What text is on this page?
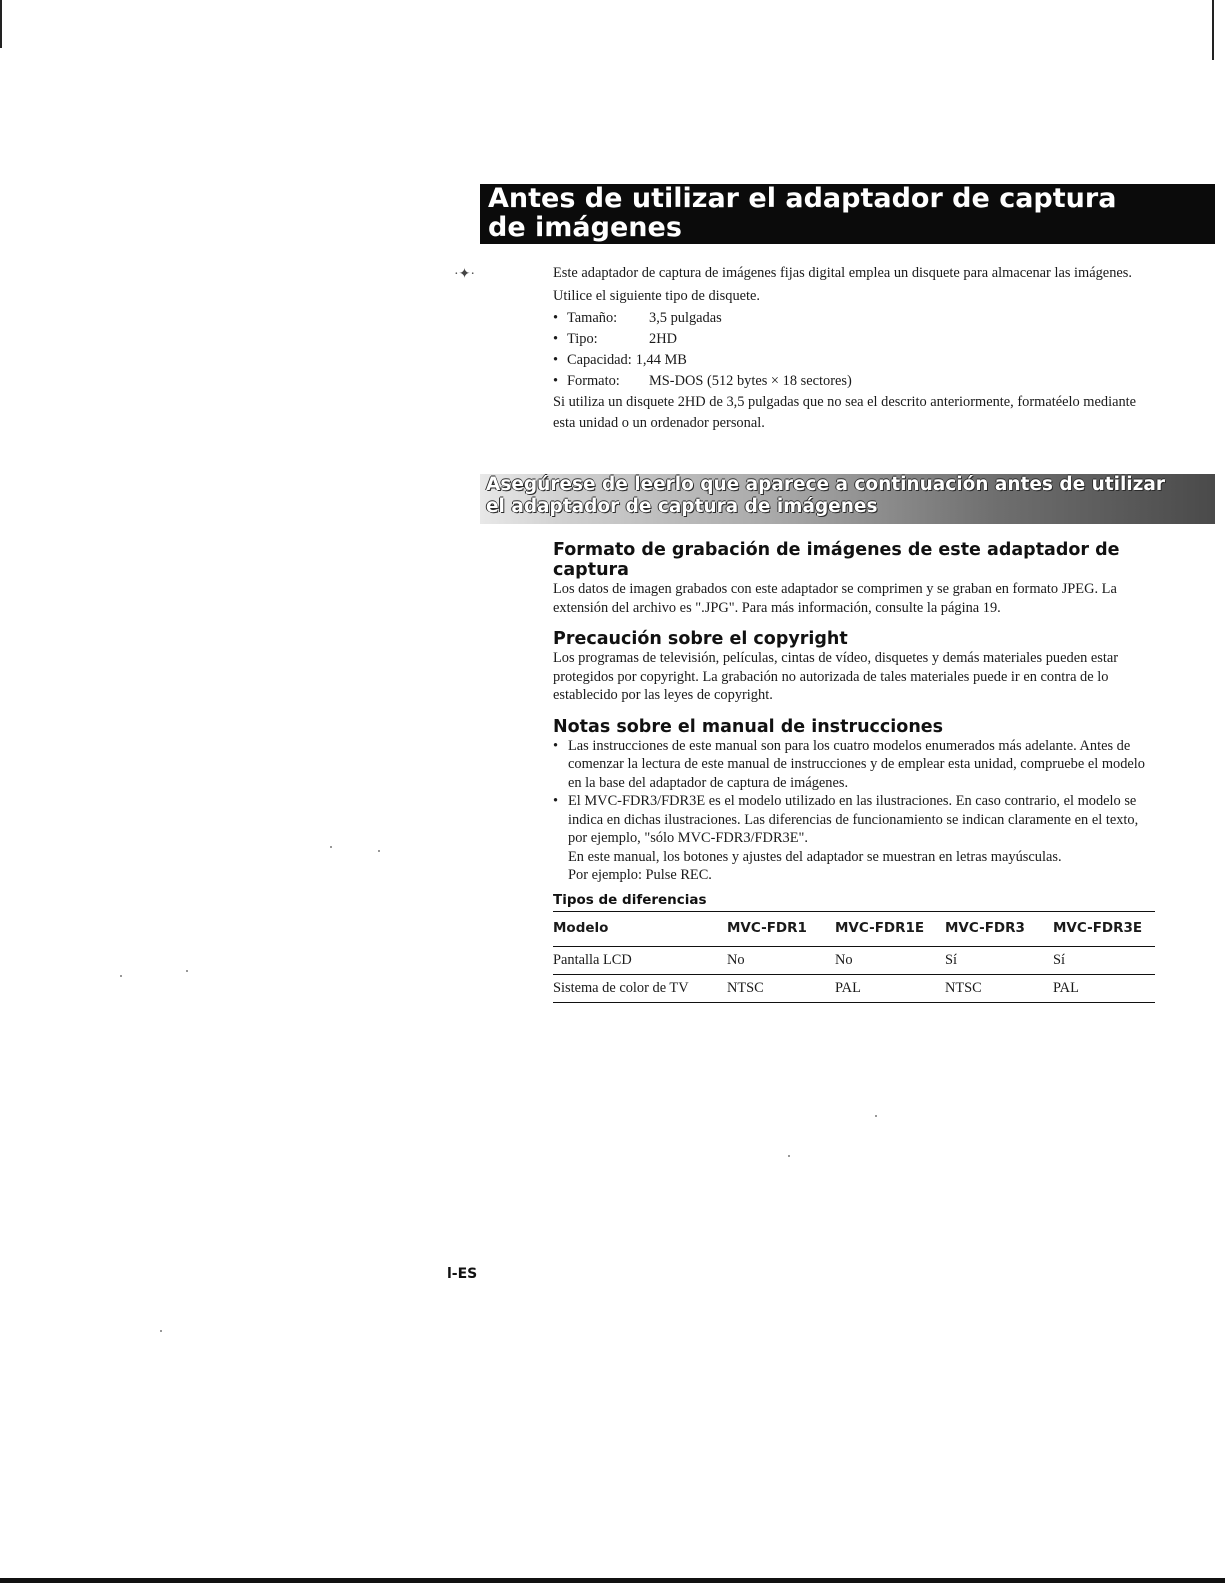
Antes de utilizar el adaptador de captura
de imágenes
·✦·	Este adaptador de captura de imágenes fijas digital emplea un disquete para almacenar las imágenes.

Utilice el siguiente tipo de disquete.

• Tamaño: 3,5 pulgadas
• Tipo:	2HD
• Capacidad: 1,44 MB
• Formato: MS-DOS (512 bytes × 18 sectores)

Si utiliza un disquete 2HD de 3,5 pulgadas que no sea el descrito anteriormente, formatéelo mediante esta unidad o un ordenador personal.

Asegúrese de leerlo que aparece a continuación antes de utilizar
el adaptador de captura de imágenes
Formato de grabación de imágenes de este adaptador de captura

Los datos de imagen grabados con este adaptador se comprimen y se graban en formato JPEG. La extensión del archivo es ".JPG". Para más información, consulte la página 19.

Precaución sobre el copyright

Los programas de televisión, películas, cintas de vídeo, disquetes y demás materiales pueden estar protegidos por copyright. La grabación no autorizada de tales materiales puede ir en contra de lo establecido por las leyes de copyright.

Notas sobre el manual de instrucciones
• Las instrucciones de este manual son para los cuatro modelos enumerados más adelante. Antes de comenzar la lectura de este manual de instrucciones y de emplear esta unidad, compruebe el modelo en la base del adaptador de captura de imágenes.
• El MVC-FDR3/FDR3E es el modelo utilizado en las ilustraciones. En caso contrario, el modelo se indica en dichas ilustraciones. Las diferencias de funcionamiento se indican claramente en el texto, por ejemplo, "sólo MVC-FDR3/FDR3E".

En este manual, los botones y ajustes del adaptador se muestran en letras mayúsculas.

Por ejemplo: Pulse REC.

Tipos de diferencias
Modelo	MVC-FDR1	MVC-FDR1E	MVC-FDR3	MVC-FDR3E
Pantalla LCD	No	No	Sí	Sí
Sistema de color de TV	NTSC	PAL	NTSC	PAL
l-ES
